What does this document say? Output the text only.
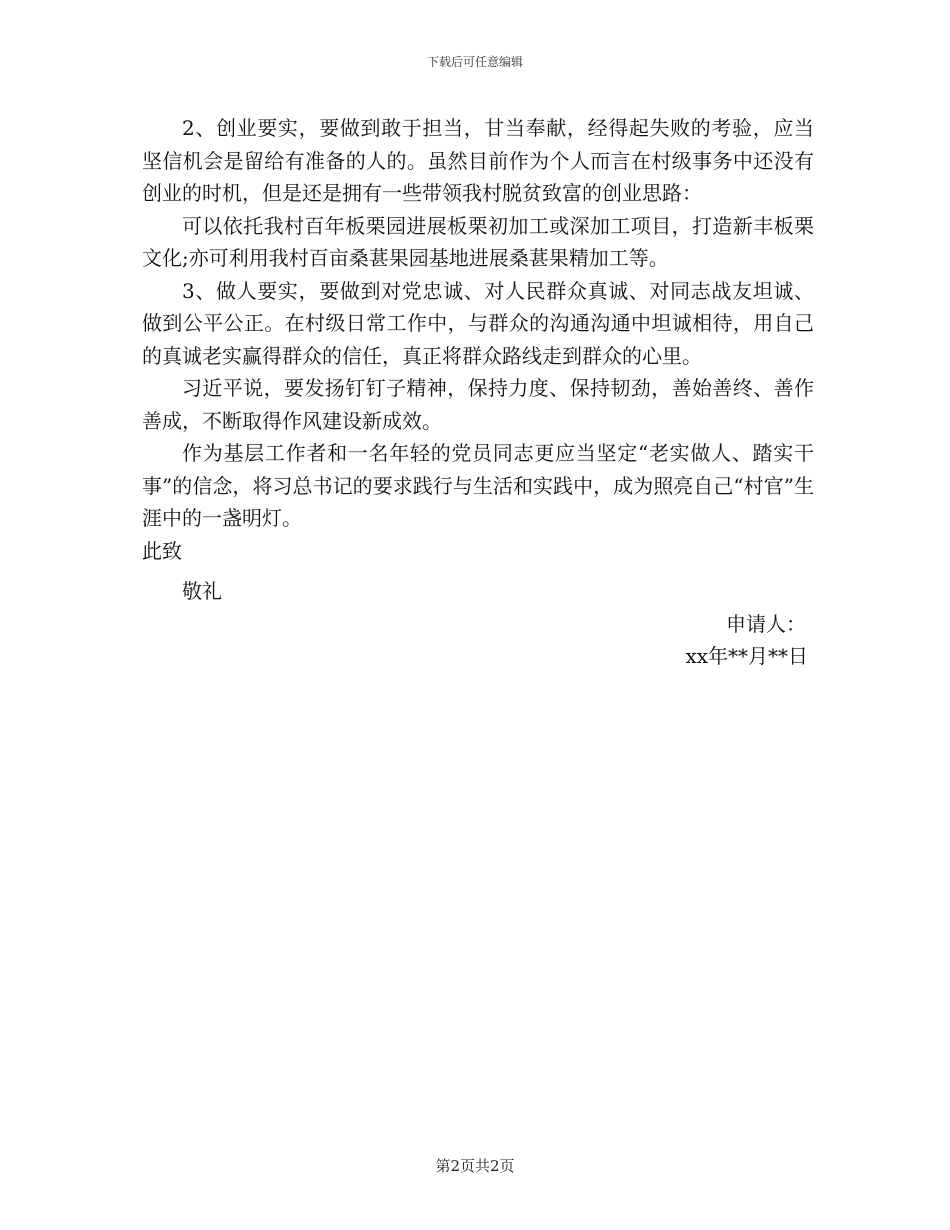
下载后可任意编辑

2、创业要实，要做到敢于担当，甘当奉献，经得起失败的考验，应当坚信机会是留给有准备的人的。虽然目前作为个人而言在村级事务中还没有创业的时机，但是还是拥有一些带领我村脱贫致富的创业思路：

可以依托我村百年板栗园进展板栗初加工或深加工项目，打造新丰板栗文化;亦可利用我村百亩桑葚果园基地进展桑葚果精加工等。

3、做人要实，要做到对党忠诚、对人民群众真诚、对同志战友坦诚、做到公平公正。在村级日常工作中，与群众的沟通沟通中坦诚相待，用自己的真诚老实赢得群众的信任，真正将群众路线走到群众的心里。

习近平说，要发扬钉钉子精神，保持力度、保持韧劲，善始善终、善作善成，不断取得作风建设新成效。

作为基层工作者和一名年轻的党员同志更应当坚定“老实做人、踏实干事”的信念，将习总书记的要求践行与生活和实践中，成为照亮自己“村官”生涯中的一盏明灯。

此致

敬礼

申请人：

xx年**月**日

第2页共2页
